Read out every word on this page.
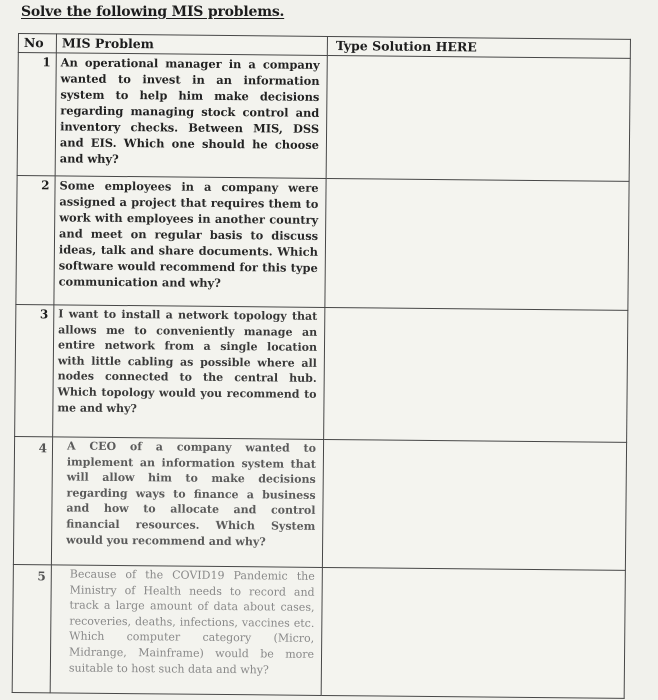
Solve the following MIS problems.
No	MIS Problem	Type Solution HERE
1	An operational manager in a company wanted to invest in an information system to help him make decisions regarding managing stock control and inventory checks. Between MIS, DSS and EIS. Which one should he choose and why?	

2	Some employees in a company were assigned a project that requires them to work with employees in another country and meet on regular basis to discuss ideas, talk and share documents. Which software would recommend for this type communication and why?	

3	I want to install a network topology that allows me to conveniently manage an entire network from a single location with little cabling as possible where all nodes connected to the central hub. Which topology would you recommend to me and why?	

4	A CEO of a company wanted to implement an information system that will allow him to make decisions regarding ways to finance a business and how to allocate and control financial resources. Which System would you recommend and why?	

5	Because of the COVID19 Pandemic the Ministry of Health needs to record and track a large amount of data about cases, recoveries, deaths, infections, vaccines etc. Which computer category (Micro, Midrange, Mainframe) would be more suitable to host such data and why?	
